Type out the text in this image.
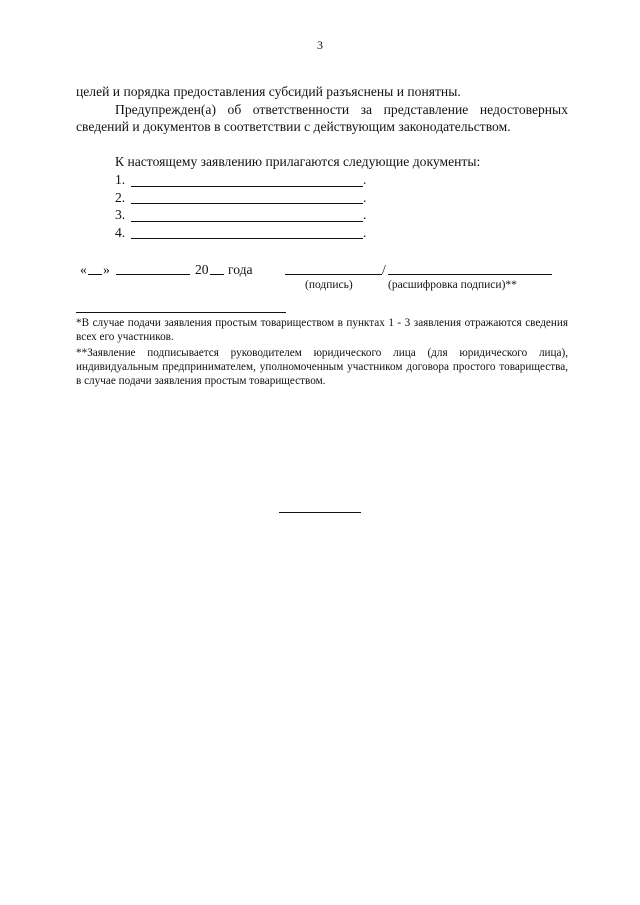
3

целей и порядка предоставления субсидий разъяснены и понятны.

Предупрежден(а) об ответственности за представление недостоверных сведений и документов в соответствии с действующим законодательством.

К настоящему заявлению прилагаются следующие документы:

1.	.
2.	.
3.	.
4.	.
« »	20 года	/
(подпись)	(расшифровка подписи)**

*В случае подачи заявления простым товариществом в пунктах 1 - 3 заявления отражаются сведения всех его участников.

**Заявление подписывается руководителем юридического лица (для юридического лица), индивидуальным предпринимателем, уполномоченным участником договора простого товарищества, в случае подачи заявления простым товариществом.
